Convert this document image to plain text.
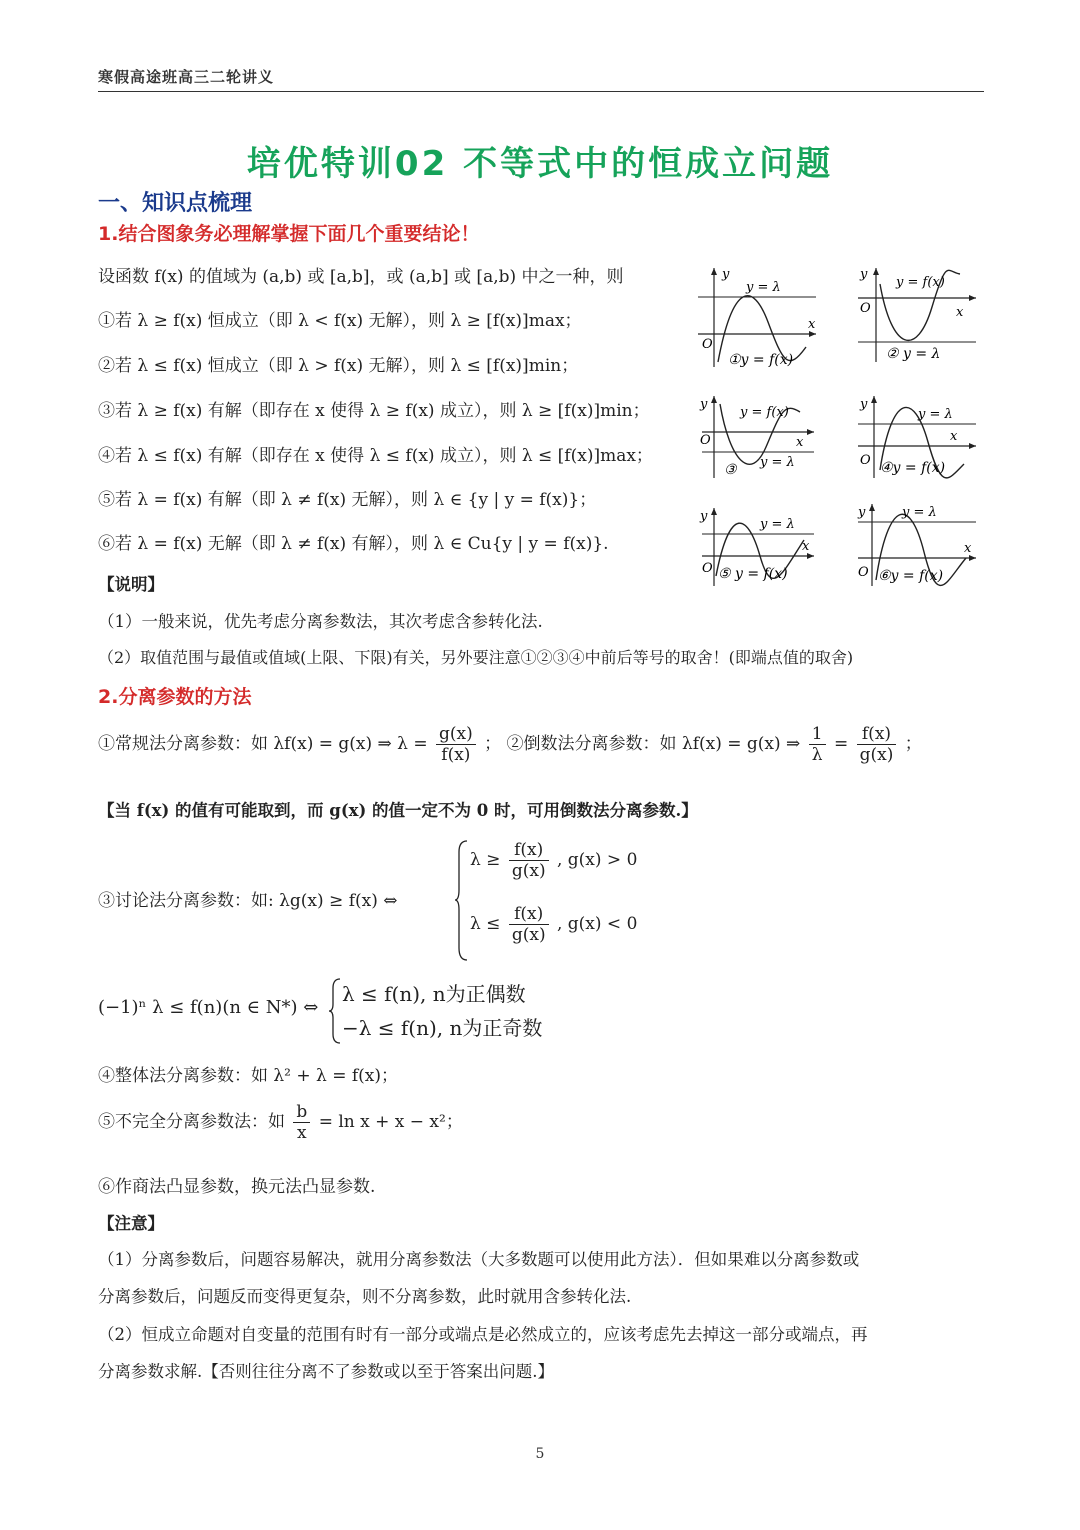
寒假高途班高三二轮讲义
培优特训02 不等式中的恒成立问题
一、知识点梳理
1.结合图象务必理解掌握下面几个重要结论！
设函数 f(x) 的值域为 (a,b) 或 [a,b]，或 (a,b] 或 [a,b) 中之一种，则
①若 λ ≥ f(x) 恒成立（即 λ < f(x) 无解），则 λ ≥ [f(x)]max；
②若 λ ≤ f(x) 恒成立（即 λ > f(x) 无解），则 λ ≤ [f(x)]min；
③若 λ ≥ f(x) 有解（即存在 x 使得 λ ≥ f(x) 成立），则 λ ≥ [f(x)]min；
④若 λ ≤ f(x) 有解（即存在 x 使得 λ ≤ f(x) 成立），则 λ ≤ [f(x)]max；
⑤若 λ = f(x) 有解（即 λ ≠ f(x) 无解），则 λ ∈ {y | y = f(x)}；
⑥若 λ = f(x) 无解（即 λ ≠ f(x) 有解），则 λ ∈ Cu{y | y = f(x)}.
y
x
O
y = λ
①y = f(x)
y
x
O
y = f(x)
② y = λ
y
x
O
y = f(x)
y = λ
③
y
x
O
y = λ
④y = f(x)
y
x
O
y = λ
⑤ y = f(x)
y
x
O
y = λ
⑥y = f(x)
【说明】
（1）一般来说，优先考虑分离参数法，其次考虑含参转化法.
（2）取值范围与最值或值域(上限、下限)有关，另外要注意①②③④中前后等号的取舍！(即端点值的取舍)
2.分离参数的方法
①常规法分离参数：如 λf(x) = g(x) ⇒ $\lambda = \frac{g(x)}{f(x)}$ ； ②倒数法分离参数：如 λf(x) = g(x) ⇒ $\frac{1}{\lambda} = \frac{f(x)}{g(x)}$ ；
【当 f(x) 的值有可能取到，而 g(x) 的值一定不为 0 时，可用倒数法分离参数.】
③讨论法分离参数：如: λg(x) ≥ f(x) ⇔
$\lambda \ge \frac{f(x)}{g(x)}$ , g(x) > 0
$\lambda \le \frac{f(x)}{g(x)}$ , g(x) < 0
(−1)ⁿ λ ≤ f(n)(n ∈ N*) ⇔
λ ≤ f(n), n为正偶数
−λ ≤ f(n), n为正奇数
④整体法分离参数：如 λ² + λ = f(x)；
⑤不完全分离参数法：如 $\frac{b}{x} = \ln x + x - x^2$；
⑥作商法凸显参数，换元法凸显参数.
【注意】
（1）分离参数后，问题容易解决，就用分离参数法（大多数题可以使用此方法）．但如果难以分离参数或
分离参数后，问题反而变得更复杂，则不分离参数，此时就用含参转化法.
（2）恒成立命题对自变量的范围有时有一部分或端点是必然成立的，应该考虑先去掉这一部分或端点，再
分离参数求解.【否则往往分离不了参数或以至于答案出问题.】
5
